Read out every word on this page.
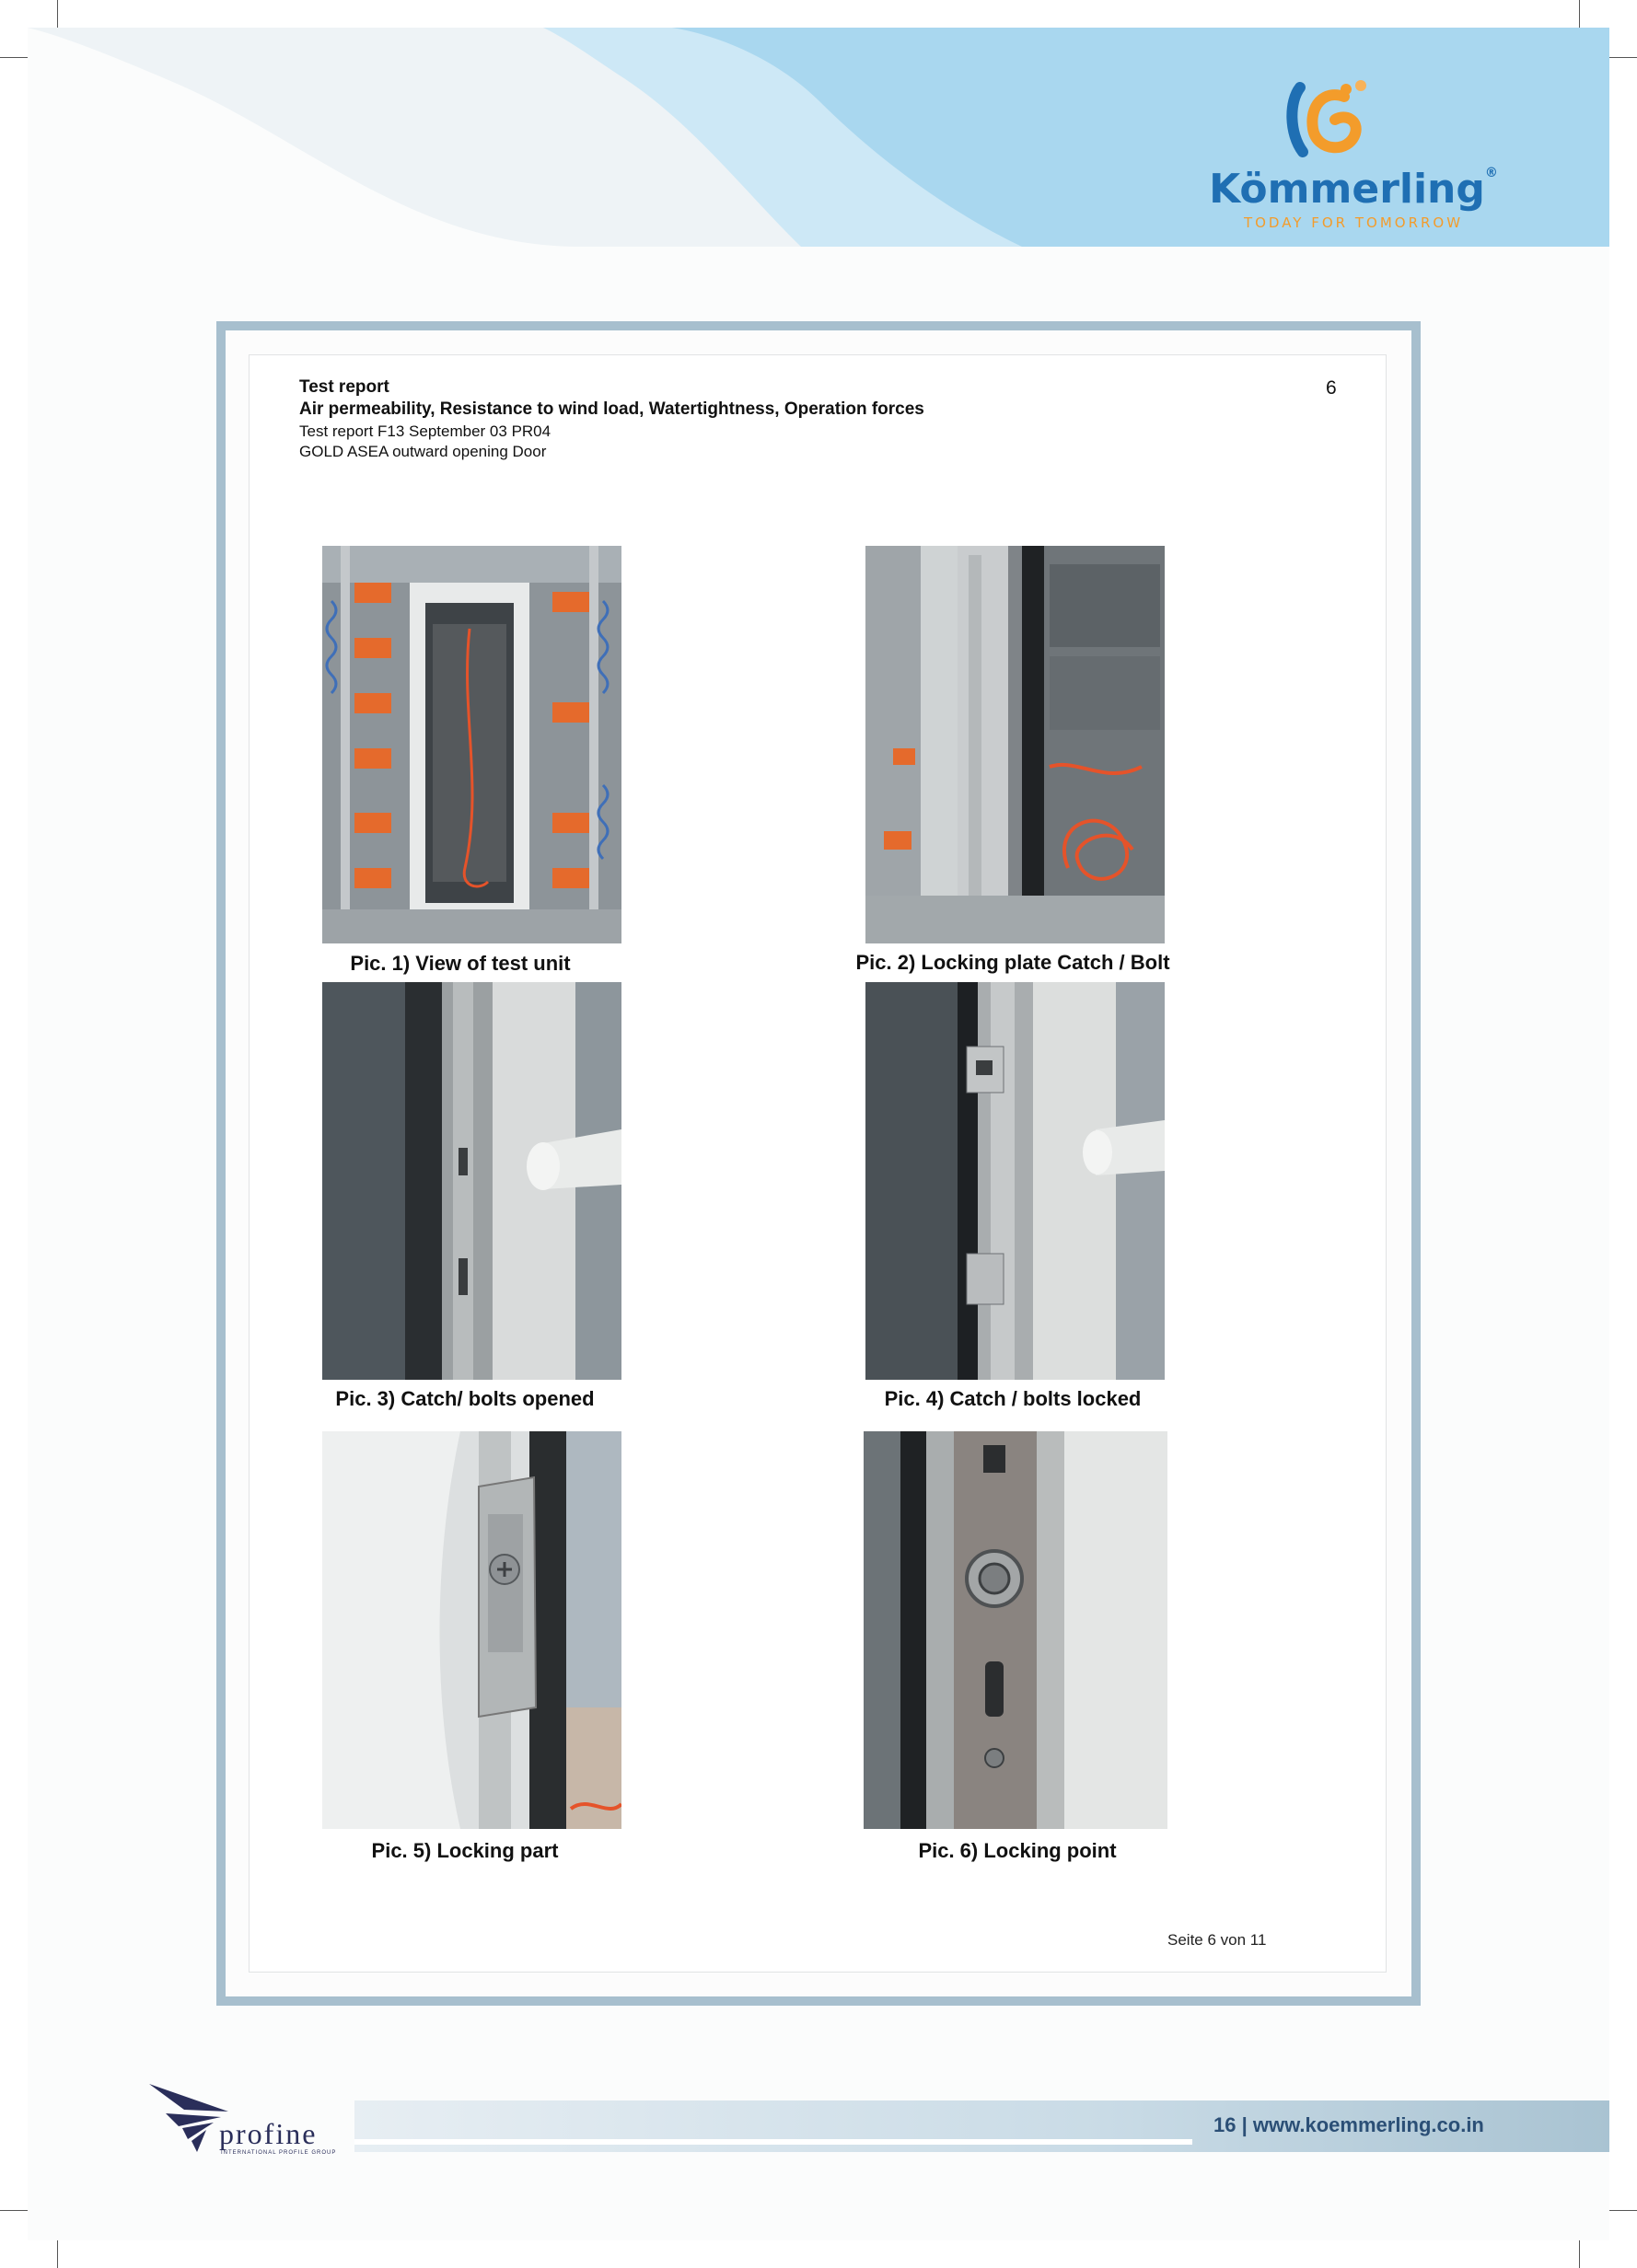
Kömmerling®
TODAY FOR TOMORROW
Test report
Air permeability, Resistance to wind load, Watertightness, Operation forces
Test report F13 September 03 PR04
GOLD ASEA outward opening Door
6
Pic. 1) View of test unit	Pic. 2) Locking plate Catch / Bolt
Pic. 3) Catch/ bolts opened	Pic. 4) Catch / bolts locked
Pic. 5) Locking part	Pic. 6) Locking point
Seite 6 von 11
profine
INTERNATIONAL PROFILE GROUP
16 | www.koemmerling.co.in
